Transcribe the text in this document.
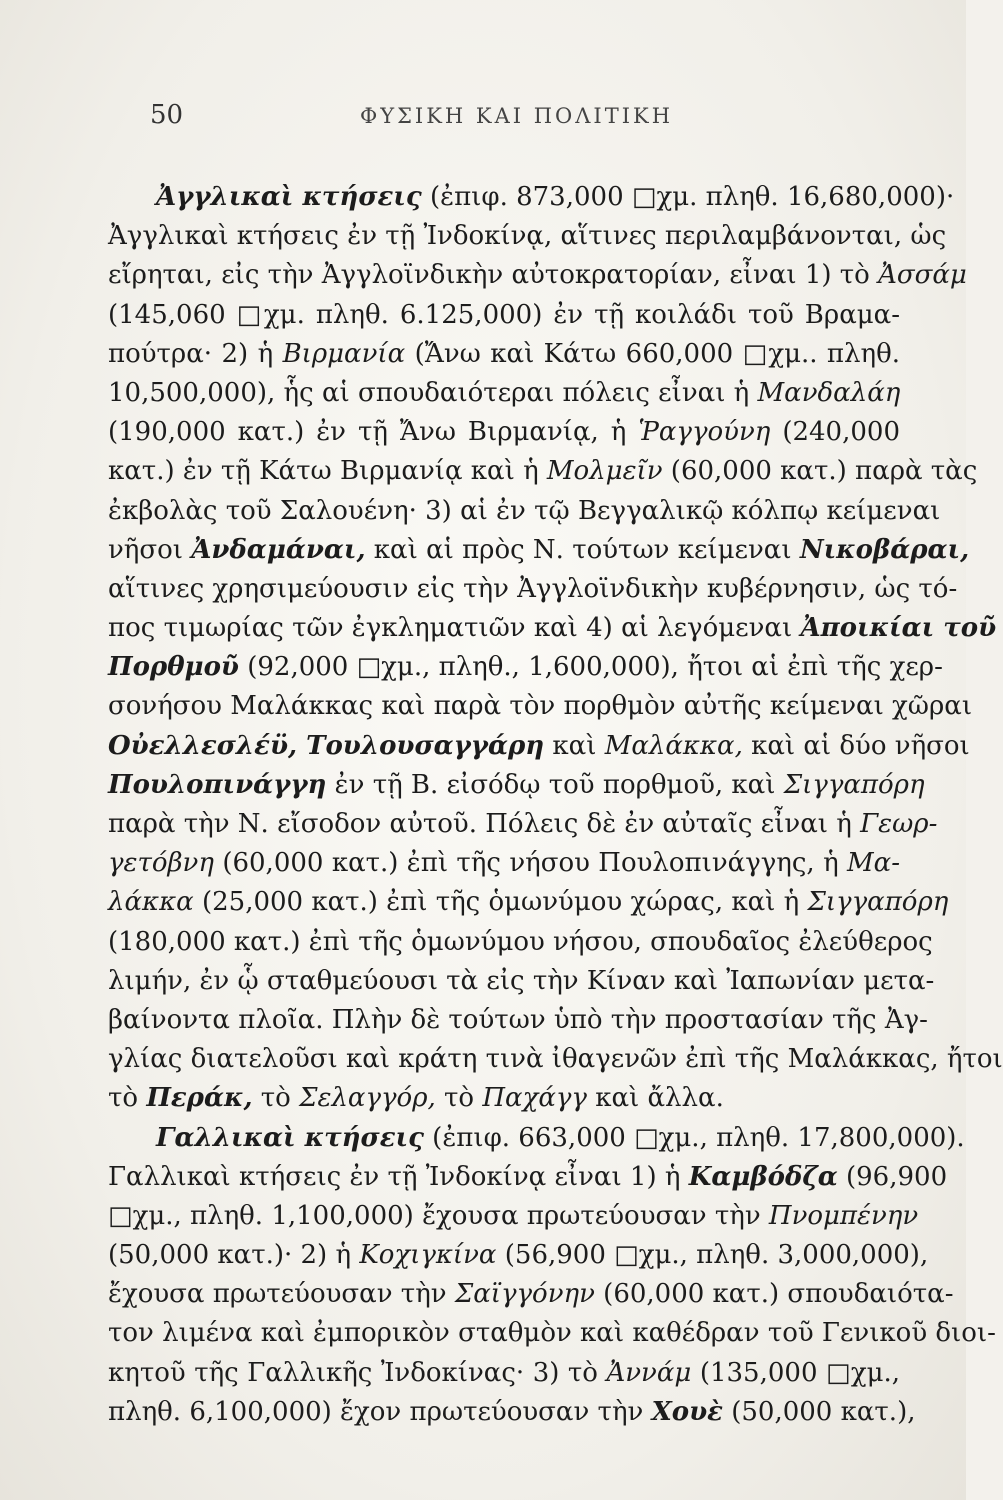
50	ΦΥΣΙΚΗ ΚΑΙ ΠΟΛΙΤΙΚΗ
Ἀγγλικαὶ κτήσεις (ἐπιφ. 873,000 □χμ. πληθ. 16,680,000)·
Ἀγγλικαὶ κτήσεις ἐν τῇ Ἰνδοκίνᾳ, αἵτινες περιλαμβάνονται, ὡς
εἴρηται, εἰς τὴν Ἀγγλοϊνδικὴν αὐτοκρατορίαν, εἶναι 1) τὸ Ἀσσάμ
(145,060 □χμ. πληθ. 6.125,000) ἐν τῇ κοιλάδι τοῦ Βραμα-
πούτρα· 2) ἡ Βιρμανία (Ἄνω καὶ Κάτω 660,000 □χμ.. πληθ.
10,500,000), ἧς αἱ σπουδαιότεραι πόλεις εἶναι ἡ Μανδαλάη
(190,000 κατ.) ἐν τῇ Ἄνω Βιρμανίᾳ, ἡ Ῥαγγούνη (240,000
κατ.) ἐν τῇ Κάτω Βιρμανίᾳ καὶ ἡ Μολμεῖν (60,000 κατ.) παρὰ τὰς
ἐκβολὰς τοῦ Σαλουένη· 3) αἱ ἐν τῷ Βεγγαλικῷ κόλπῳ κείμεναι
νῆσοι Ἀνδαμάναι, καὶ αἱ πρὸς Ν. τούτων κείμεναι Νικοβάραι,
αἵτινες χρησιμεύουσιν εἰς τὴν Ἀγγλοϊνδικὴν κυβέρνησιν, ὡς τό-
πος τιμωρίας τῶν ἐγκληματιῶν καὶ 4) αἱ λεγόμεναι Ἀποικίαι τοῦ
Πορθμοῦ (92,000 □χμ., πληθ., 1,600,000), ἤτοι αἱ ἐπὶ τῆς χερ-
σονήσου Μαλάκκας καὶ παρὰ τὸν πορθμὸν αὐτῆς κείμεναι χῶραι
Οὐελλεσλέϋ, Τουλουσαγγάρη καὶ Μαλάκκα, καὶ αἱ δύο νῆσοι
Πουλοπινάγγη ἐν τῇ Β. εἰσόδῳ τοῦ πορθμοῦ, καὶ Σιγγαπόρη
παρὰ τὴν Ν. εἴσοδον αὐτοῦ. Πόλεις δὲ ἐν αὐταῖς εἶναι ἡ Γεωρ-
γετόβνη (60,000 κατ.) ἐπὶ τῆς νήσου Πουλοπινάγγης, ἡ Μα-
λάκκα (25,000 κατ.) ἐπὶ τῆς ὁμωνύμου χώρας, καὶ ἡ Σιγγαπόρη
(180,000 κατ.) ἐπὶ τῆς ὁμωνύμου νήσου, σπουδαῖος ἐλεύθερος
λιμήν, ἐν ᾧ σταθμεύουσι τὰ εἰς τὴν Κίναν καὶ Ἰαπωνίαν μετα-
βαίνοντα πλοῖα. Πλὴν δὲ τούτων ὑπὸ τὴν προστασίαν τῆς Ἀγ-
γλίας διατελοῦσι καὶ κράτη τινὰ ἰθαγενῶν ἐπὶ τῆς Μαλάκκας, ἤτοι
τὸ Περάκ, τὸ Σελαγγόρ, τὸ Παχάγγ καὶ ἄλλα.
Γαλλικαὶ κτήσεις (ἐπιφ. 663,000 □χμ., πληθ. 17,800,000).
Γαλλικαὶ κτήσεις ἐν τῇ Ἰνδοκίνᾳ εἶναι 1) ἡ Καμβόδζα (96,900
□χμ., πληθ. 1,100,000) ἔχουσα πρωτεύουσαν τὴν Πνομπένην
(50,000 κατ.)· 2) ἡ Κοχιγκίνα (56,900 □χμ., πληθ. 3,000,000),
ἔχουσα πρωτεύουσαν τὴν Σαϊγγόνην (60,000 κατ.) σπουδαιότα-
τον λιμένα καὶ ἐμπορικὸν σταθμὸν καὶ καθέδραν τοῦ Γενικοῦ διοι-
κητοῦ τῆς Γαλλικῆς Ἰνδοκίνας· 3) τὸ Ἀννάμ (135,000 □χμ.,
πληθ. 6,100,000) ἔχον πρωτεύουσαν τὴν Χουὲ (50,000 κατ.),
